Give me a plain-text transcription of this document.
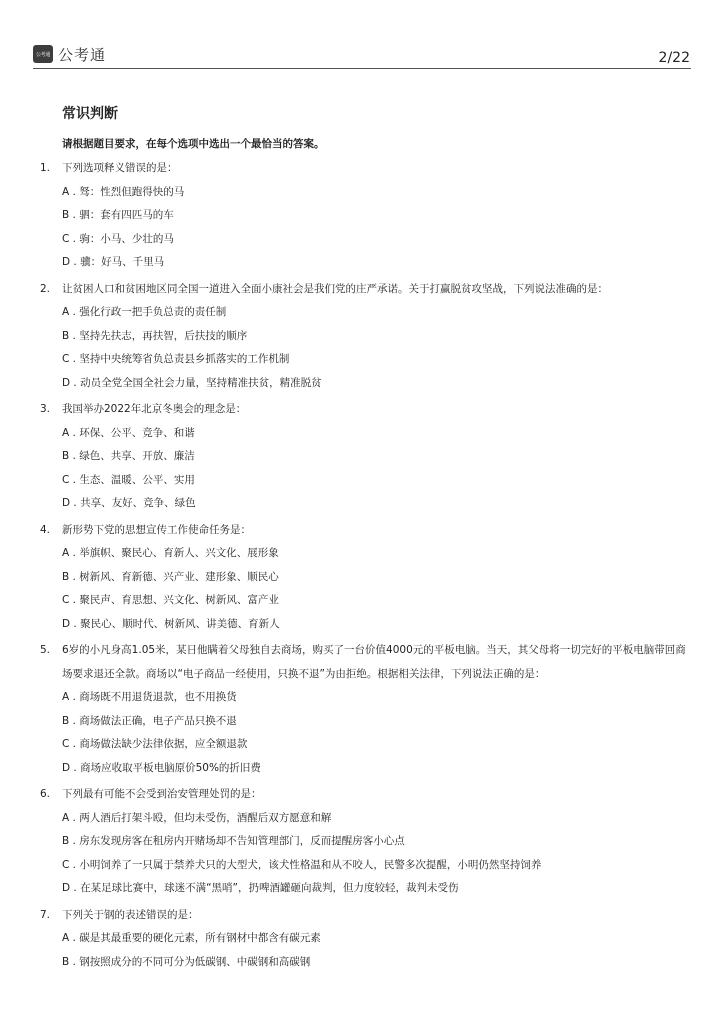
公考通 公考通	2/22
常识判断
请根据题目要求，在每个选项中选出一个最恰当的答案。
1.	下列选项释义错误的是：
A . 驽：性烈但跑得快的马
B . 驷：套有四匹马的车
C . 驹：小马、少壮的马
D . 骥：好马、千里马
2.	让贫困人口和贫困地区同全国一道进入全面小康社会是我们党的庄严承诺。关于打赢脱贫攻坚战，下列说法准确的是：
A . 强化行政一把手负总责的责任制
B . 坚持先扶志，再扶智，后扶技的顺序
C . 坚持中央统筹省负总责县乡抓落实的工作机制
D . 动员全党全国全社会力量，坚持精准扶贫，精准脱贫
3.	我国举办2022年北京冬奥会的理念是：
A . 环保、公平、竞争、和谐
B . 绿色、共享、开放、廉洁
C . 生态、温暖、公平、实用
D . 共享、友好、竞争、绿色
4.	新形势下党的思想宣传工作使命任务是：
A . 举旗帜、聚民心、育新人、兴文化、展形象
B . 树新风、育新德、兴产业、建形象、顺民心
C . 聚民声、育思想、兴文化、树新风、富产业
D . 聚民心、顺时代、树新风、讲美德、育新人
5.	6岁的小凡身高1.05米，某日他瞒着父母独自去商场，购买了一台价值4000元的平板电脑。当天，其父母将一切完好的平板电脑带回商场要求退还全款。商场以“电子商品一经使用，只换不退”为由拒绝。根据相关法律，下列说法正确的是：
A . 商场既不用退货退款，也不用换货
B . 商场做法正确，电子产品只换不退
C . 商场做法缺少法律依据，应全额退款
D . 商场应收取平板电脑原价50%的折旧费
6.	下列最有可能不会受到治安管理处罚的是：
A . 两人酒后打架斗殴，但均未受伤，酒醒后双方愿意和解
B . 房东发现房客在租房内开赌场却不告知管理部门，反而提醒房客小心点
C . 小明饲养了一只属于禁养犬只的大型犬，该犬性格温和从不咬人，民警多次提醒，小明仍然坚持饲养
D . 在某足球比赛中，球迷不满“黑哨”，扔啤酒罐砸向裁判，但力度较轻，裁判未受伤
7.	下列关于钢的表述错误的是：
A . 碳是其最重要的硬化元素，所有钢材中都含有碳元素
B . 钢按照成分的不同可分为低碳钢、中碳钢和高碳钢
